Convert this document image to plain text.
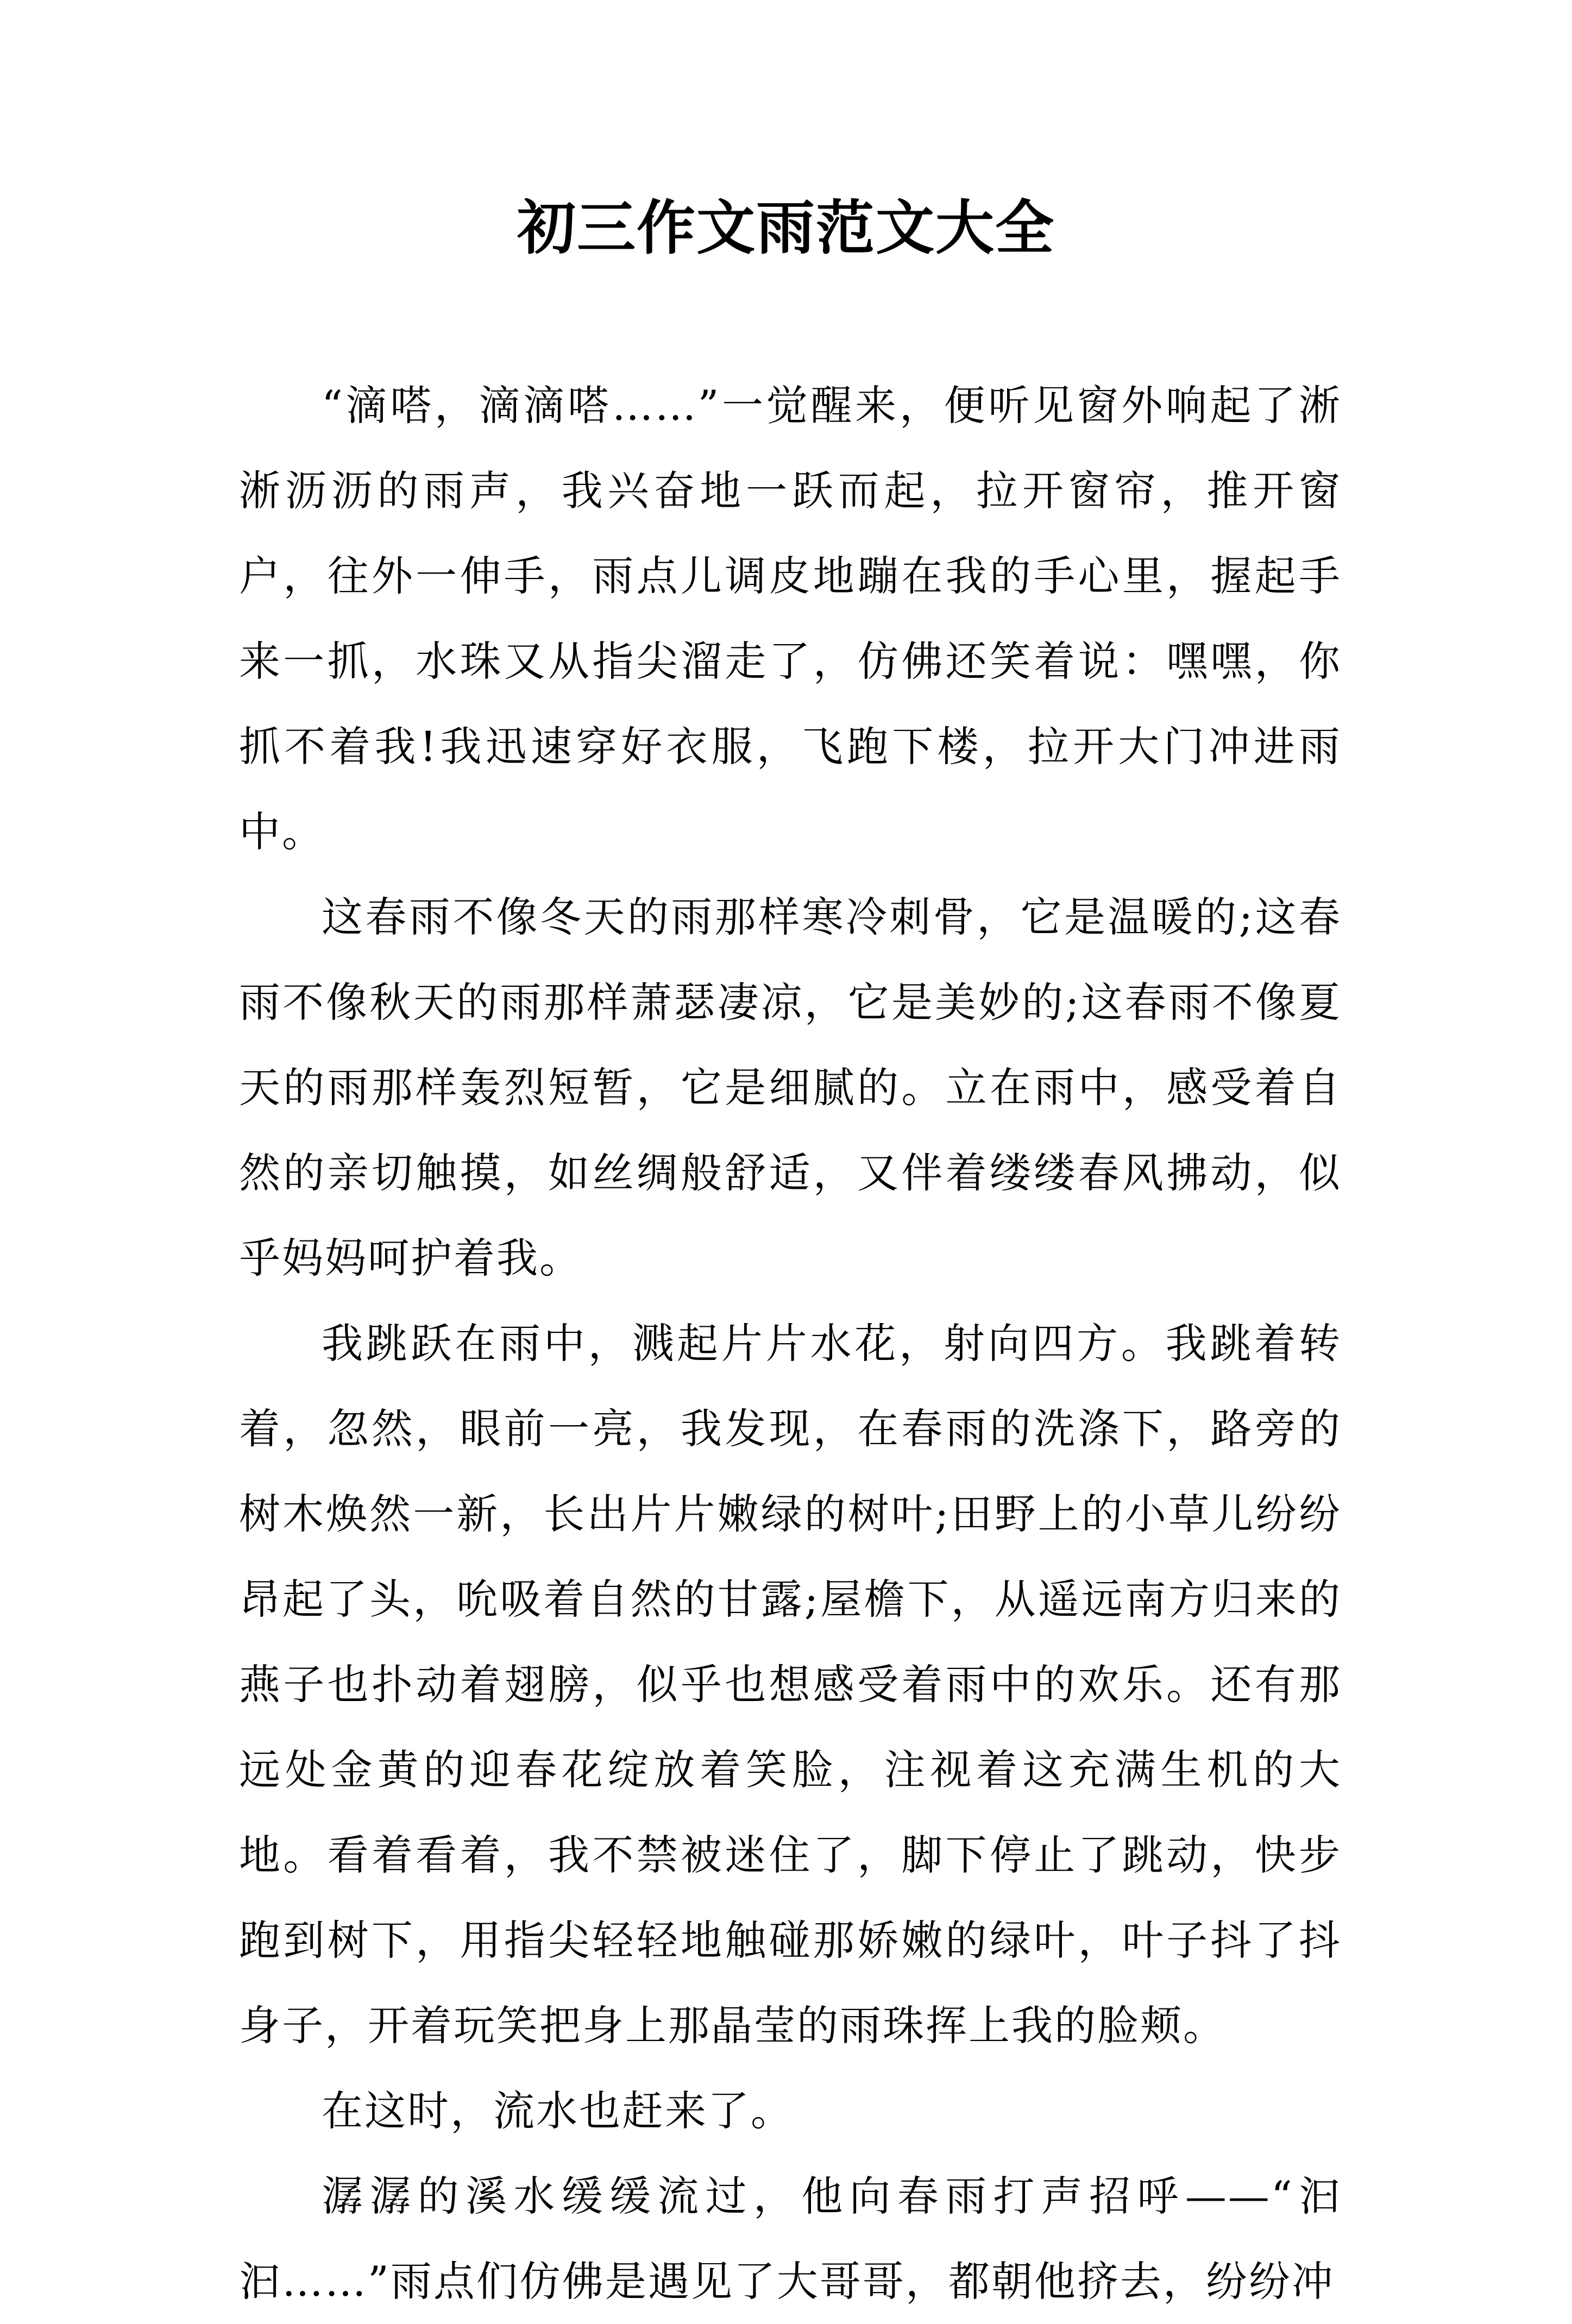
初三作文雨范文大全

“滴嗒，滴滴嗒……”一觉醒来，便听见窗外响起了淅淅沥沥的雨声，我兴奋地一跃而起，拉开窗帘，推开窗户，往外一伸手，雨点儿调皮地蹦在我的手心里，握起手来一抓，水珠又从指尖溜走了，仿佛还笑着说：嘿嘿，你抓不着我!我迅速穿好衣服，飞跑下楼，拉开大门冲进雨中。

这春雨不像冬天的雨那样寒冷刺骨，它是温暖的;这春雨不像秋天的雨那样萧瑟凄凉，它是美妙的;这春雨不像夏天的雨那样轰烈短暂，它是细腻的。立在雨中，感受着自然的亲切触摸，如丝绸般舒适，又伴着缕缕春风拂动，似乎妈妈呵护着我。

我跳跃在雨中，溅起片片水花，射向四方。我跳着转着，忽然，眼前一亮，我发现，在春雨的洗涤下，路旁的树木焕然一新，长出片片嫩绿的树叶;田野上的小草儿纷纷昂起了头，吮吸着自然的甘露;屋檐下，从遥远南方归来的燕子也扑动着翅膀，似乎也想感受着雨中的欢乐。还有那远处金黄的迎春花绽放着笑脸，注视着这充满生机的大地。看着看着，我不禁被迷住了，脚下停止了跳动，快步跑到树下，用指尖轻轻地触碰那娇嫩的绿叶，叶子抖了抖身子，开着玩笑把身上那晶莹的雨珠挥上我的脸颊。

在这时，流水也赶来了。

潺潺的溪水缓缓流过，他向春雨打声招呼——“汩汩……”雨点们仿佛是遇见了大哥哥，都朝他挤去，纷纷冲
